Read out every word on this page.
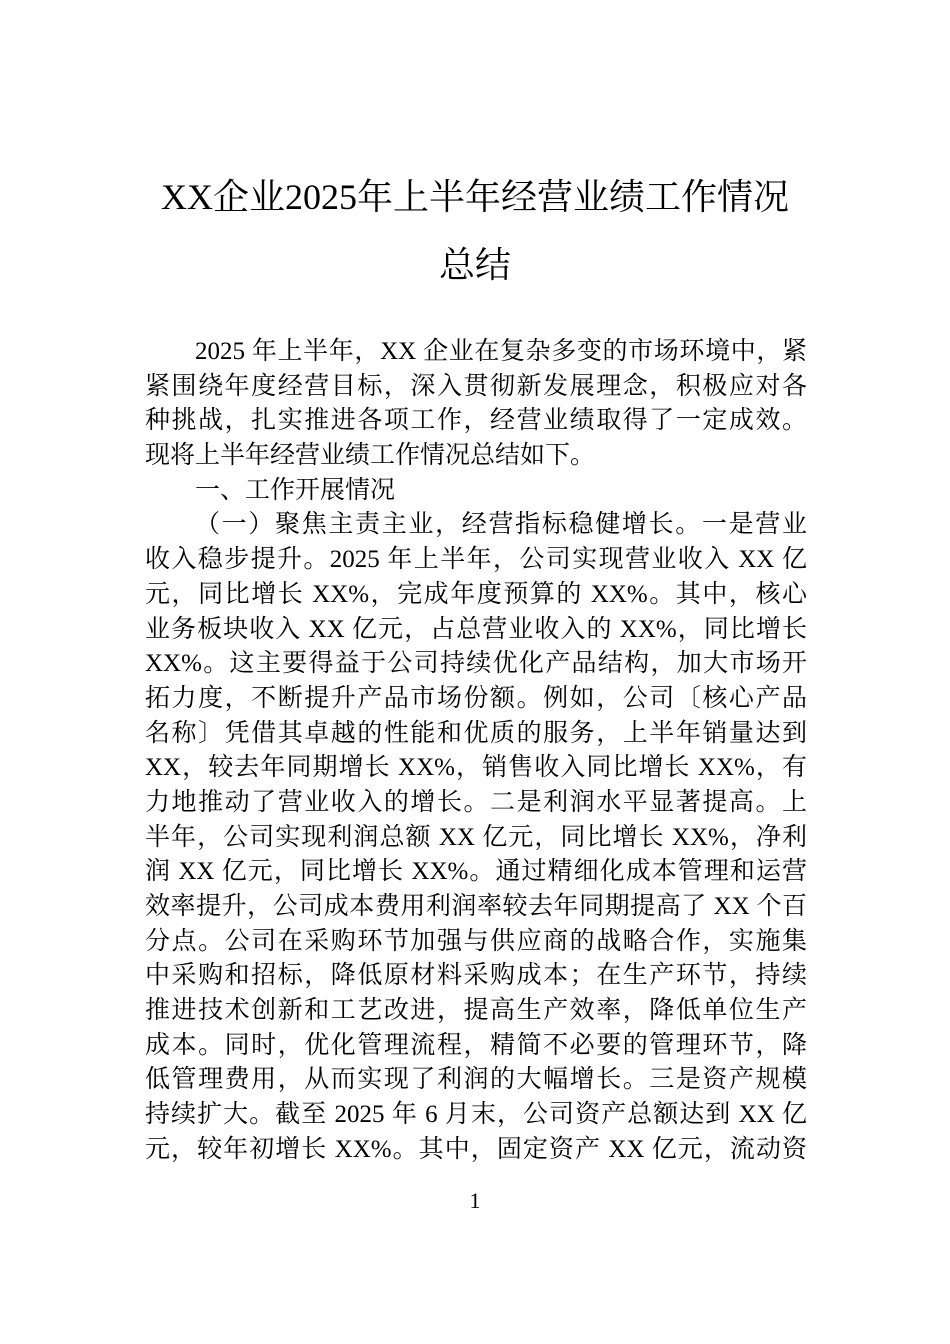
XX企业2025年上半年经营业绩工作情况
总结
2025 年上半年，XX 企业在复杂多变的市场环境中，紧
紧围绕年度经营目标，深入贯彻新发展理念，积极应对各
种挑战，扎实推进各项工作，经营业绩取得了一定成效。
现将上半年经营业绩工作情况总结如下。
一、工作开展情况
（一）聚焦主责主业，经营指标稳健增长。一是营业
收入稳步提升。2025 年上半年，公司实现营业收入 XX 亿
元，同比增长 XX%，完成年度预算的 XX%。其中，核心
业务板块收入 XX 亿元，占总营业收入的 XX%，同比增长
XX%。这主要得益于公司持续优化产品结构，加大市场开
拓力度，不断提升产品市场份额。例如，公司〔核心产品
名称〕凭借其卓越的性能和优质的服务，上半年销量达到
XX，较去年同期增长 XX%，销售收入同比增长 XX%，有
力地推动了营业收入的增长。二是利润水平显著提高。上
半年，公司实现利润总额 XX 亿元，同比增长 XX%，净利
润 XX 亿元，同比增长 XX%。通过精细化成本管理和运营
效率提升，公司成本费用利润率较去年同期提高了 XX 个百
分点。公司在采购环节加强与供应商的战略合作，实施集
中采购和招标，降低原材料采购成本；在生产环节，持续
推进技术创新和工艺改进，提高生产效率，降低单位生产
成本。同时，优化管理流程，精简不必要的管理环节，降
低管理费用，从而实现了利润的大幅增长。三是资产规模
持续扩大。截至 2025 年 6 月末，公司资产总额达到 XX 亿
元，较年初增长 XX%。其中，固定资产 XX 亿元，流动资
1
